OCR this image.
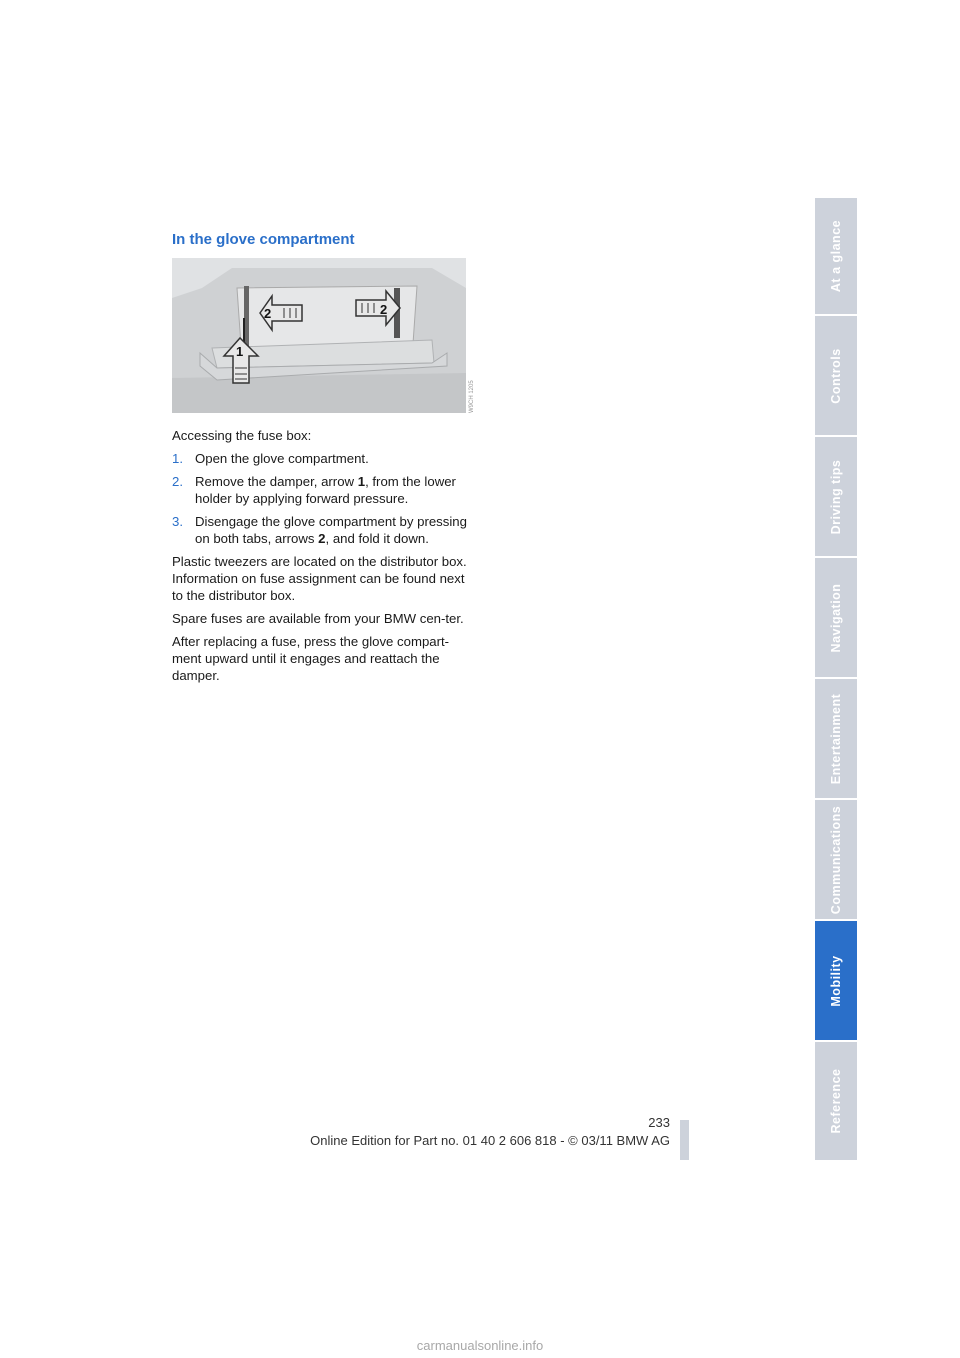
In the glove compartment
2	2
1
W9CH 1205

Accessing the fuse box:

1. Open the glove compartment.
2. Remove the damper, arrow 1, from the lower holder by applying forward pressure.
3. Disengage the glove compartment by pressing on both tabs, arrows 2, and fold it down.

Plastic tweezers are located on the distributor box.
Information on fuse assignment can be found next to the distributor box.

Spare fuses are available from your BMW cen-ter.

After replacing a fuse, press the glove compart-ment upward until it engages and reattach the damper.

At a glance
Controls
Driving tips
Navigation
Entertainment
Communications
Mobility
Reference
233
Online Edition for Part no. 01 40 2 606 818 - © 03/11 BMW AG
carmanualsonline.info
